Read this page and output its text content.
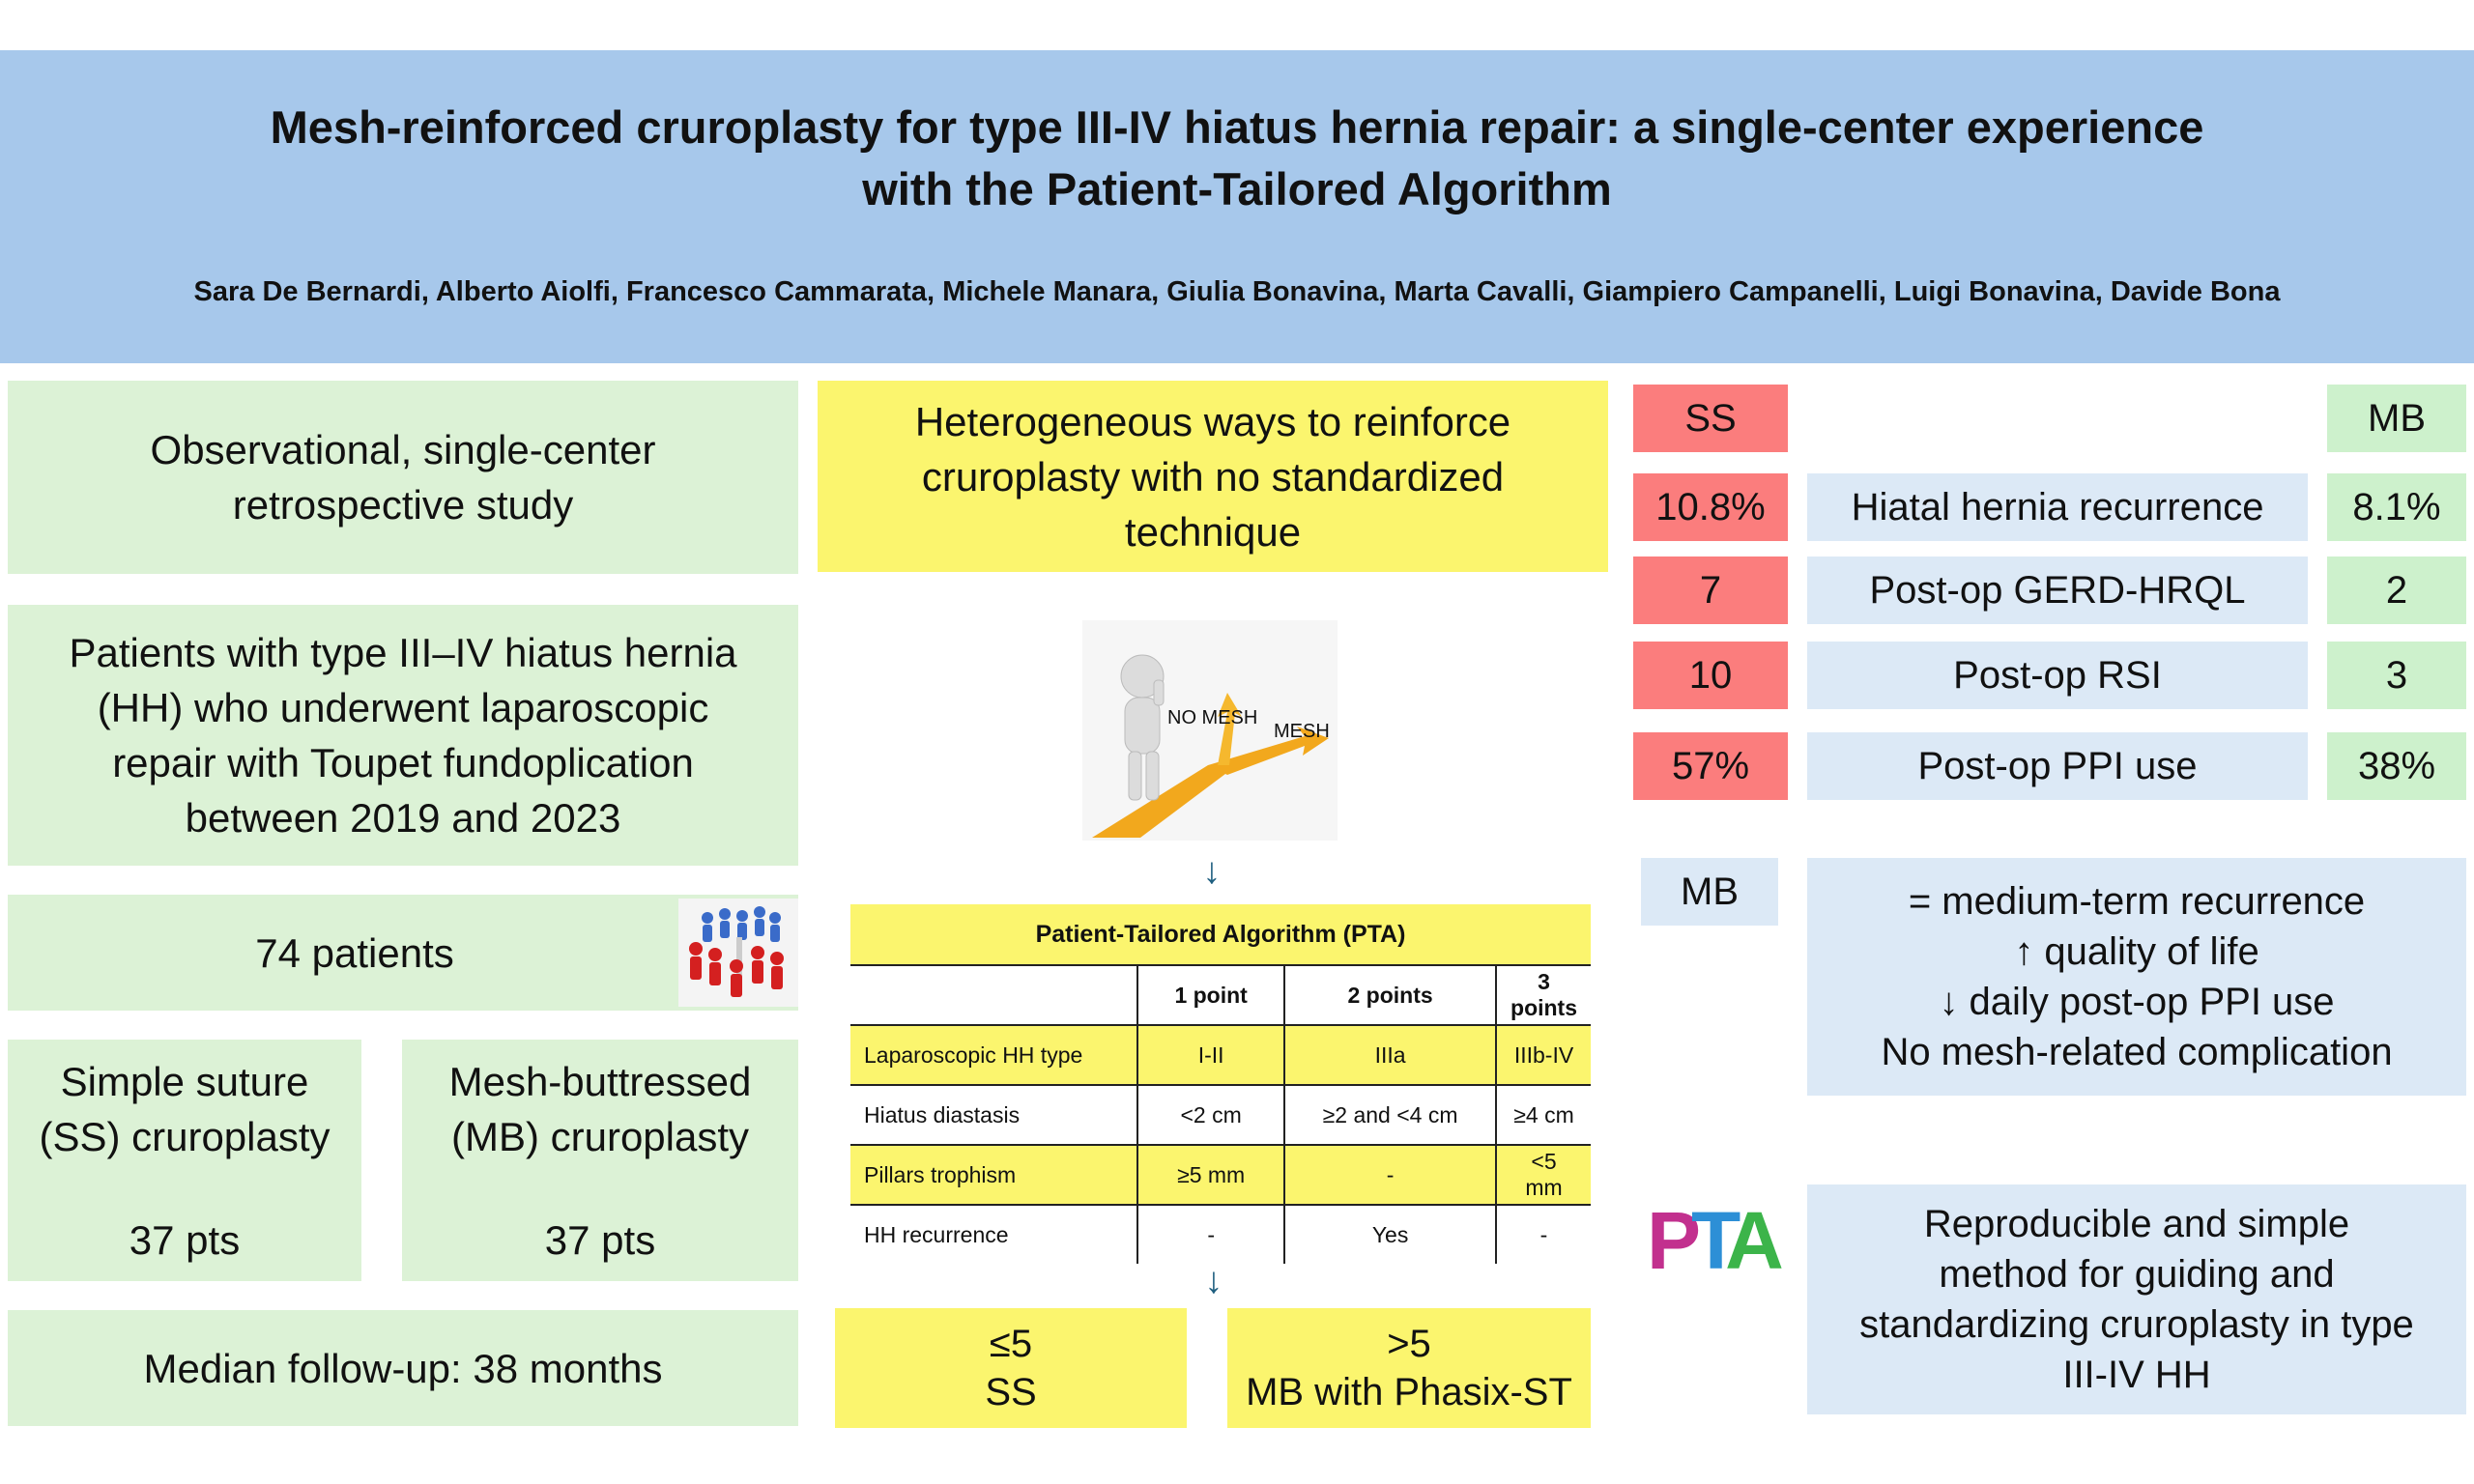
Mesh-reinforced cruroplasty for type III-IV hiatus hernia repair: a single-center experience
with the Patient-Tailored Algorithm
Sara De Bernardi, Alberto Aiolfi, Francesco Cammarata, Michele Manara, Giulia Bonavina, Marta Cavalli, Giampiero Campanelli, Luigi Bonavina, Davide Bona
Observational, single-center
retrospective study
Patients with type III–IV hiatus hernia
(HH) who underwent laparoscopic
repair with Toupet fundoplication
between 2019 and 2023
74 patients
Simple suture
(SS) cruroplasty
37 pts
Mesh-buttressed
(MB) cruroplasty
37 pts
Median follow-up: 38 months
Heterogeneous ways to reinforce
cruroplasty with no standardized
technique
NO MESH
MESH
↓
Patient-Tailored Algorithm (PTA)			
	1 point	2 points	3 points
Laparoscopic HH type	I-II	IIIa	IIIb-IV
Hiatus diastasis	<2 cm	≥2 and <4 cm	≥4 cm
Pillars trophism	≥5 mm	-	<5 mm
HH recurrence	-	Yes	-
↓
≤5
SS
>5
MB with Phasix-ST
SS	MB
10.8%	Hiatal hernia recurrence	8.1%
7	Post-op GERD-HRQL	2
10	Post-op RSI	3
57%	Post-op PPI use	38%
MB	= medium-term recurrence
↑ quality of life
↓ daily post-op PPI use
No mesh-related complication
PTA	Reproducible and simple
method for guiding and
standardizing cruroplasty in type
III-IV HH
